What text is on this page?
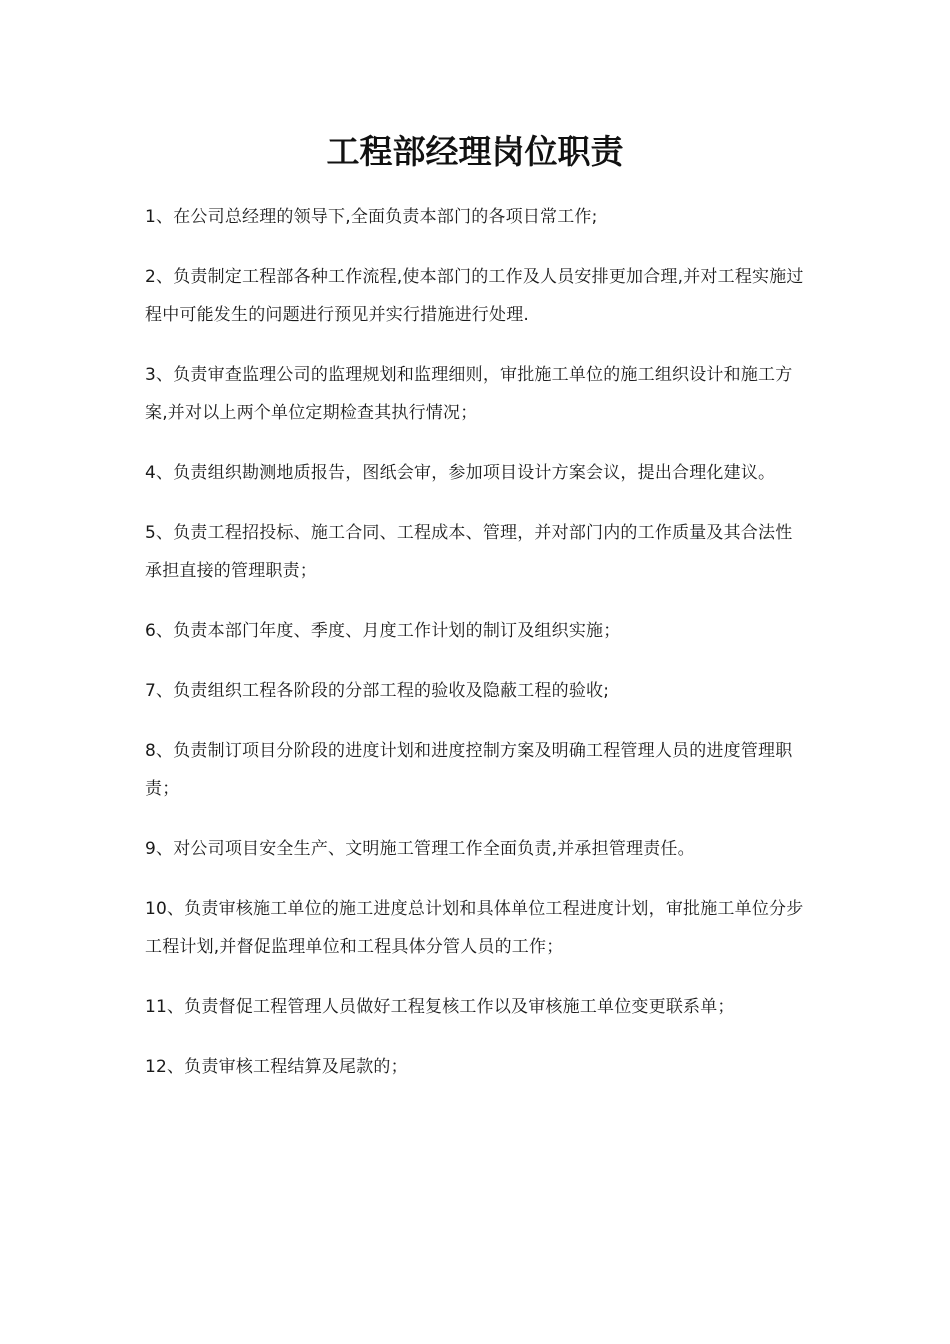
工程部经理岗位职责

1、在公司总经理的领导下,全面负责本部门的各项日常工作;

2、负责制定工程部各种工作流程,使本部门的工作及人员安排更加合理,并对工程实施过程中可能发生的问题进行预见并实行措施进行处理.

3、负责审查监理公司的监理规划和监理细则，审批施工单位的施工组织设计和施工方案,并对以上两个单位定期检查其执行情况；

4、负责组织勘测地质报告，图纸会审，参加项目设计方案会议，提出合理化建议。

5、负责工程招投标、施工合同、工程成本、管理，并对部门内的工作质量及其合法性承担直接的管理职责；

6、负责本部门年度、季度、月度工作计划的制订及组织实施；

7、负责组织工程各阶段的分部工程的验收及隐蔽工程的验收;

8、负责制订项目分阶段的进度计划和进度控制方案及明确工程管理人员的进度管理职责；

9、对公司项目安全生产、文明施工管理工作全面负责,并承担管理责任。

10、负责审核施工单位的施工进度总计划和具体单位工程进度计划，审批施工单位分步工程计划,并督促监理单位和工程具体分管人员的工作；

11、负责督促工程管理人员做好工程复核工作以及审核施工单位变更联系单；

12、负责审核工程结算及尾款的；
